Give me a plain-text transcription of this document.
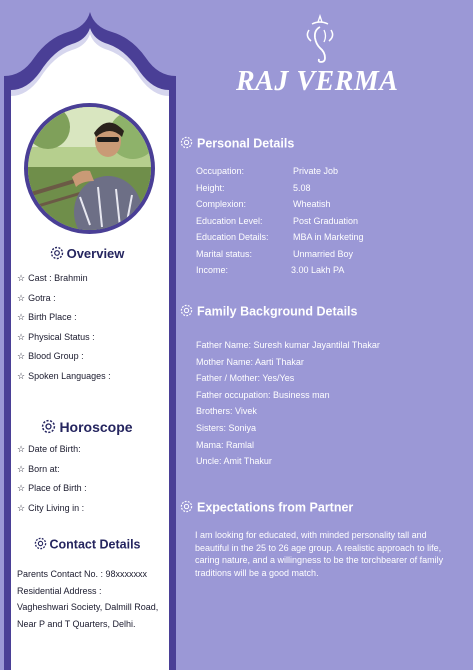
Overview
☆ Cast : Brahmin
☆ Gotra :
☆ Birth Place :
☆ Physical Status :
☆ Blood Group :
☆ Spoken Languages :
Horoscope
☆ Date of Birth:
☆ Born at:
☆ Place of Birth :
☆ City Living in :
Contact Details
Parents Contact No. : 98xxxxxxx
Residential Address :
Vagheshwari Society, Dalmill Road, Near P and T Quarters, Delhi.
RAJ VERMA
Personal Details
Occupation:	Private Job
Height:	5.08
Complexion:	Wheatish
Education Level:	Post Graduation
Education Details:	MBA in Marketing
Marital status:	Unmarried Boy
Income:	3.00 Lakh PA
Family Background Details
Father Name: Suresh kumar Jayantilal Thakar
Mother Name: Aarti Thakar
Father / Mother: Yes/Yes
Father occupation: Business man
Brothers: Vivek
Sisters: Soniya
Mama: Ramlal
Uncle: Amit Thakur
Expectations from Partner
I am looking for educated, with minded personality tall and beautiful in the 25 to 26 age group. A realistic approach to life, caring nature, and a willingness to be the torchbearer of family traditions will be a good match.
